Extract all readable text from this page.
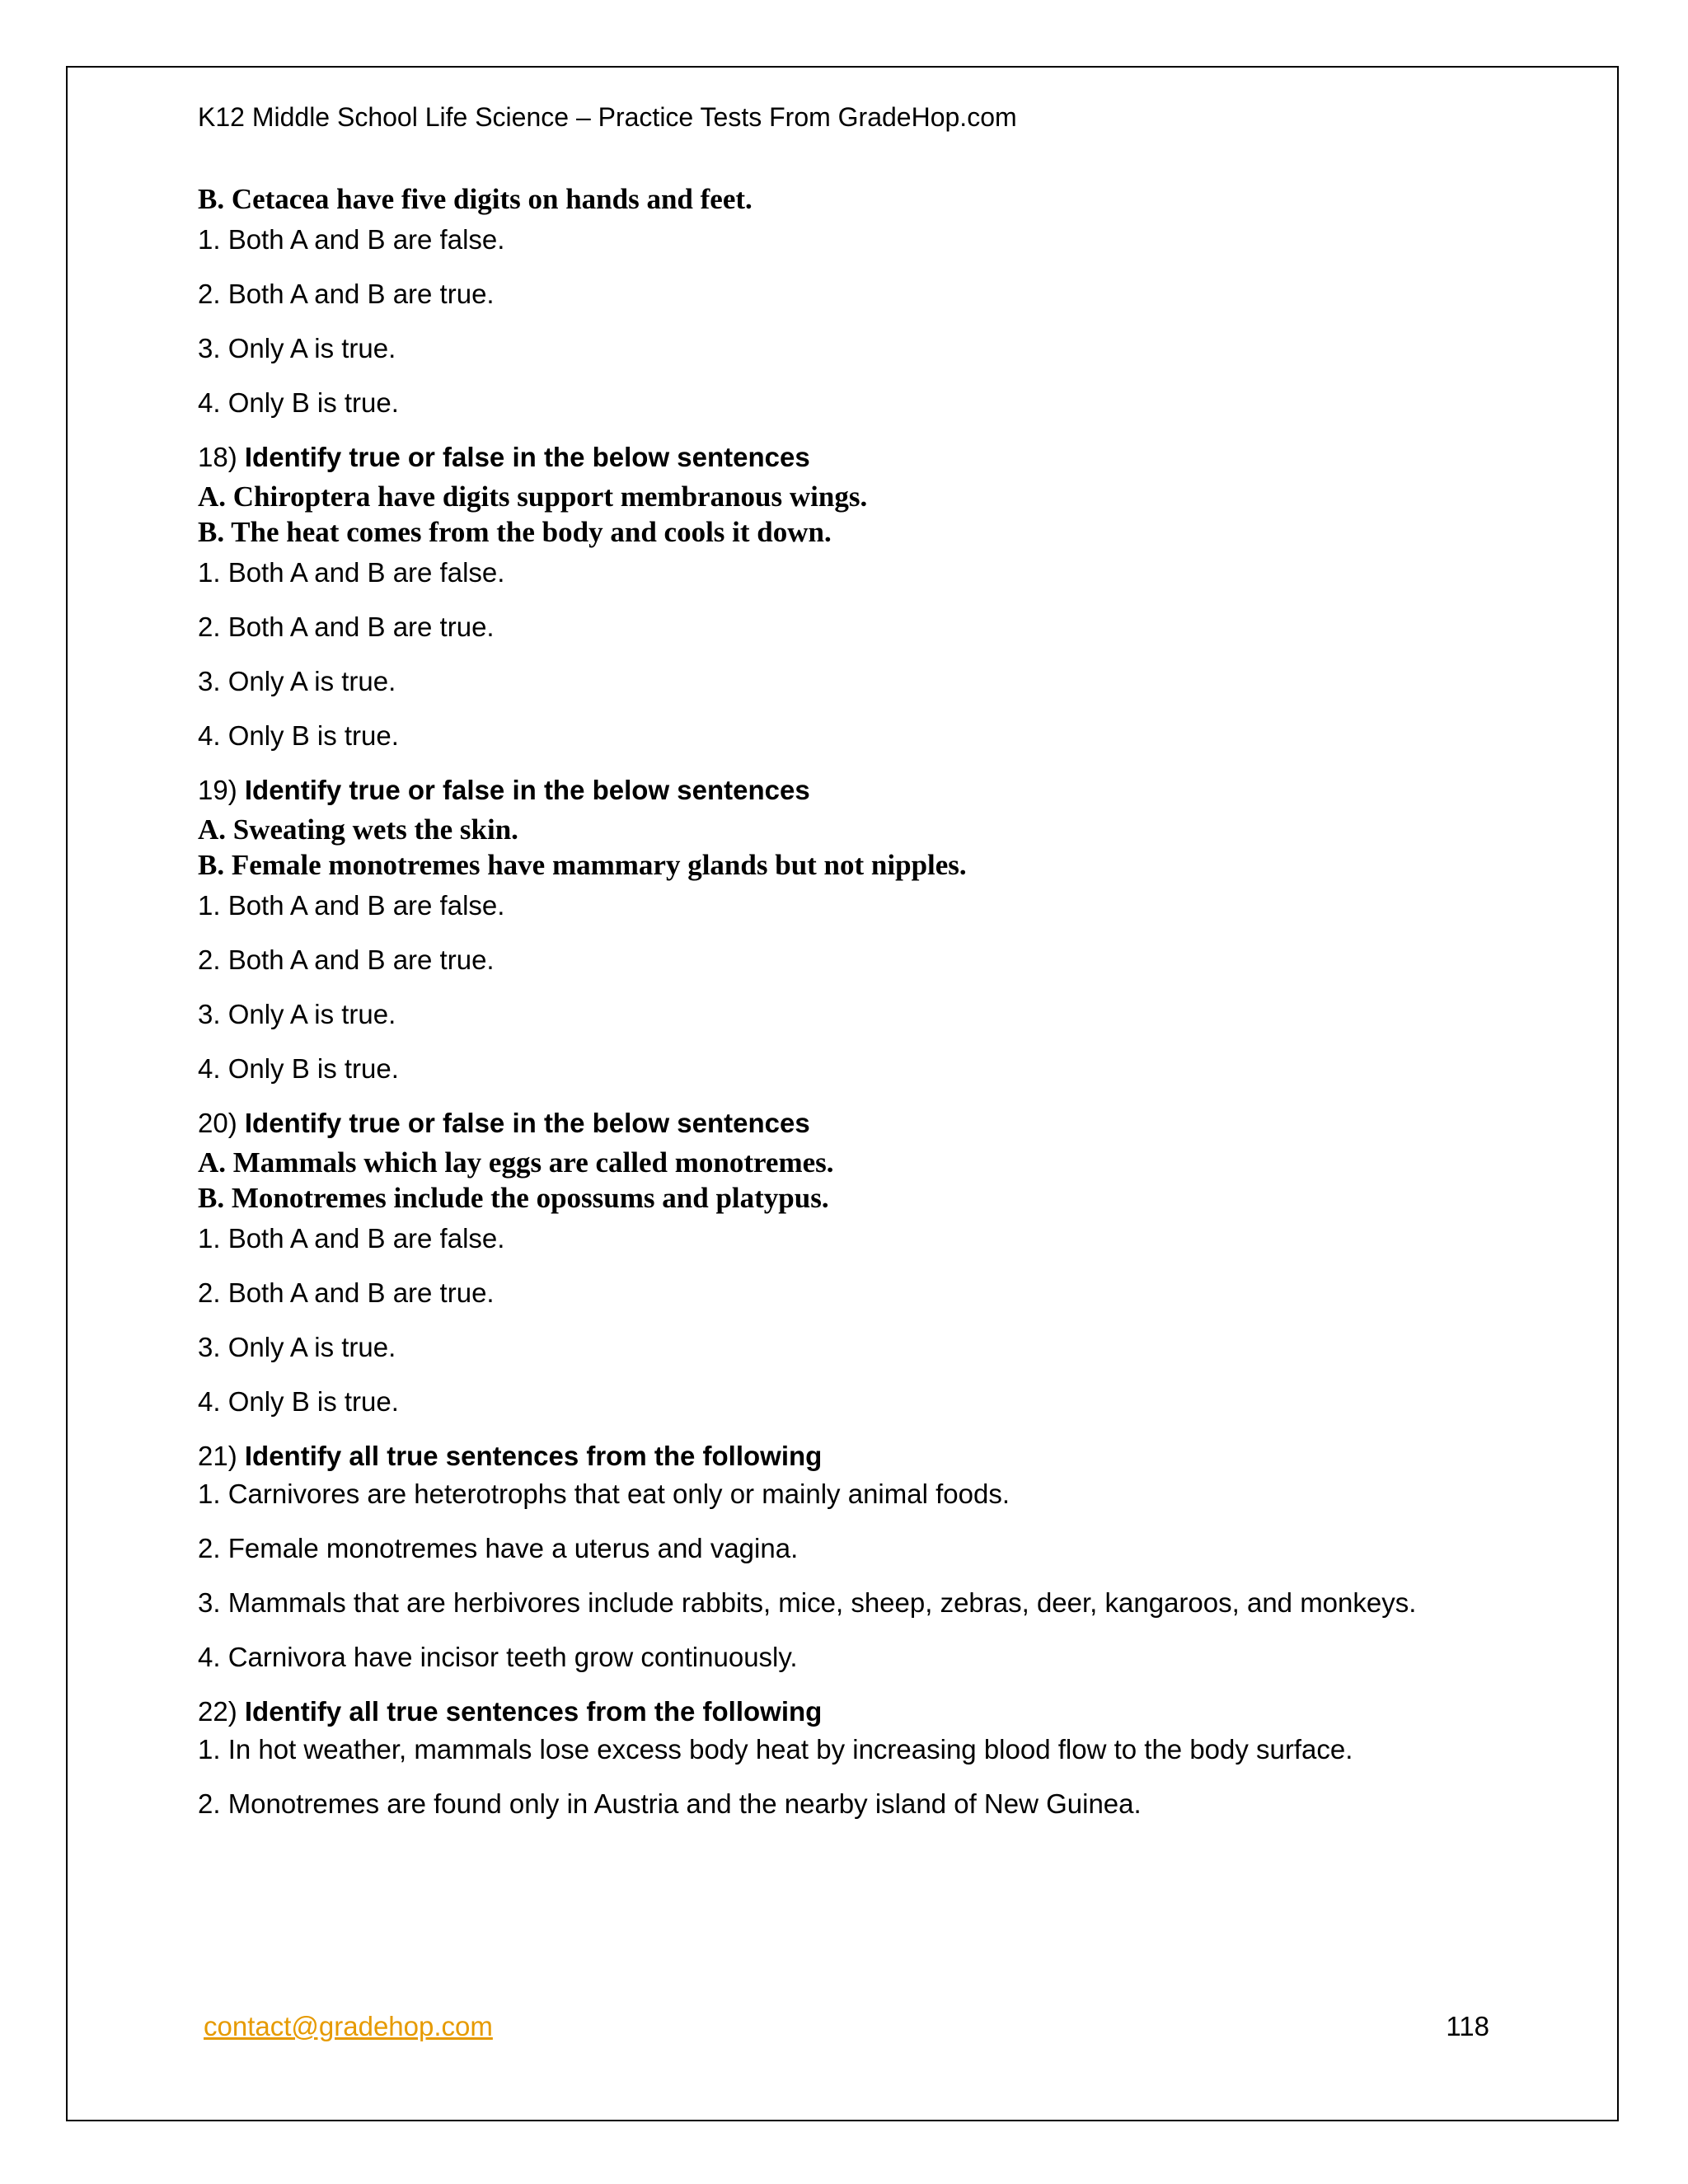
K12 Middle School Life Science – Practice Tests From GradeHop.com

B. Cetacea have five digits on hands and feet.

1. Both A and B are false.

2. Both A and B are true.

3. Only A is true.

4. Only B is true.

18) Identify true or false in the below sentences

A. Chiroptera have digits support membranous wings.

B. The heat comes from the body and cools it down.

1. Both A and B are false.

2. Both A and B are true.

3. Only A is true.

4. Only B is true.

19) Identify true or false in the below sentences

A. Sweating wets the skin.

B. Female monotremes have mammary glands but not nipples.

1. Both A and B are false.

2. Both A and B are true.

3. Only A is true.

4. Only B is true.

20) Identify true or false in the below sentences

A. Mammals which lay eggs are called monotremes.

B. Monotremes include the opossums and platypus.

1. Both A and B are false.

2. Both A and B are true.

3. Only A is true.

4. Only B is true.

21) Identify all true sentences from the following

1. Carnivores are heterotrophs that eat only or mainly animal foods.

2. Female monotremes have a uterus and vagina.

3. Mammals that are herbivores include rabbits, mice, sheep, zebras, deer, kangaroos, and monkeys.

4. Carnivora have incisor teeth grow continuously.

22) Identify all true sentences from the following

1. In hot weather, mammals lose excess body heat by increasing blood flow to the body surface.

2. Monotremes are found only in Austria and the nearby island of New Guinea.

contact@gradehop.com	118
